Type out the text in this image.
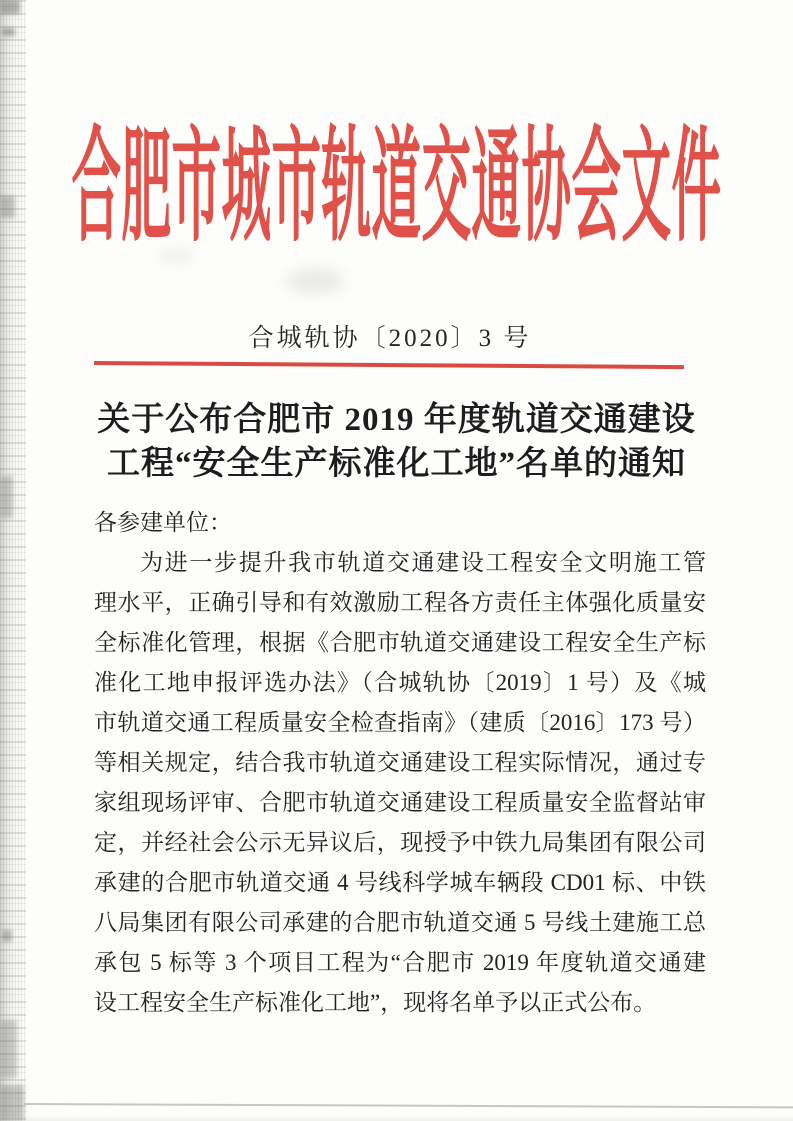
合肥市城市轨道交通协会文件
合城轨协〔2020〕3 号
关于公布合肥市 2019 年度轨道交通建设
工程“安全生产标准化工地”名单的通知
各参建单位：
为进一步提升我市轨道交通建设工程安全文明施工管
理水平，正确引导和有效激励工程各方责任主体强化质量安
全标准化管理，根据《合肥市轨道交通建设工程安全生产标
准化工地申报评选办法》（合城轨协〔2019〕1 号）及《城
市轨道交通工程质量安全检查指南》（建质〔2016〕173 号）
等相关规定，结合我市轨道交通建设工程实际情况，通过专
家组现场评审、合肥市轨道交通建设工程质量安全监督站审
定，并经社会公示无异议后，现授予中铁九局集团有限公司
承建的合肥市轨道交通 4 号线科学城车辆段 CD01 标、中铁
八局集团有限公司承建的合肥市轨道交通 5 号线土建施工总
承包 5 标等 3 个项目工程为“合肥市 2019 年度轨道交通建
设工程安全生产标准化工地”，现将名单予以正式公布。
